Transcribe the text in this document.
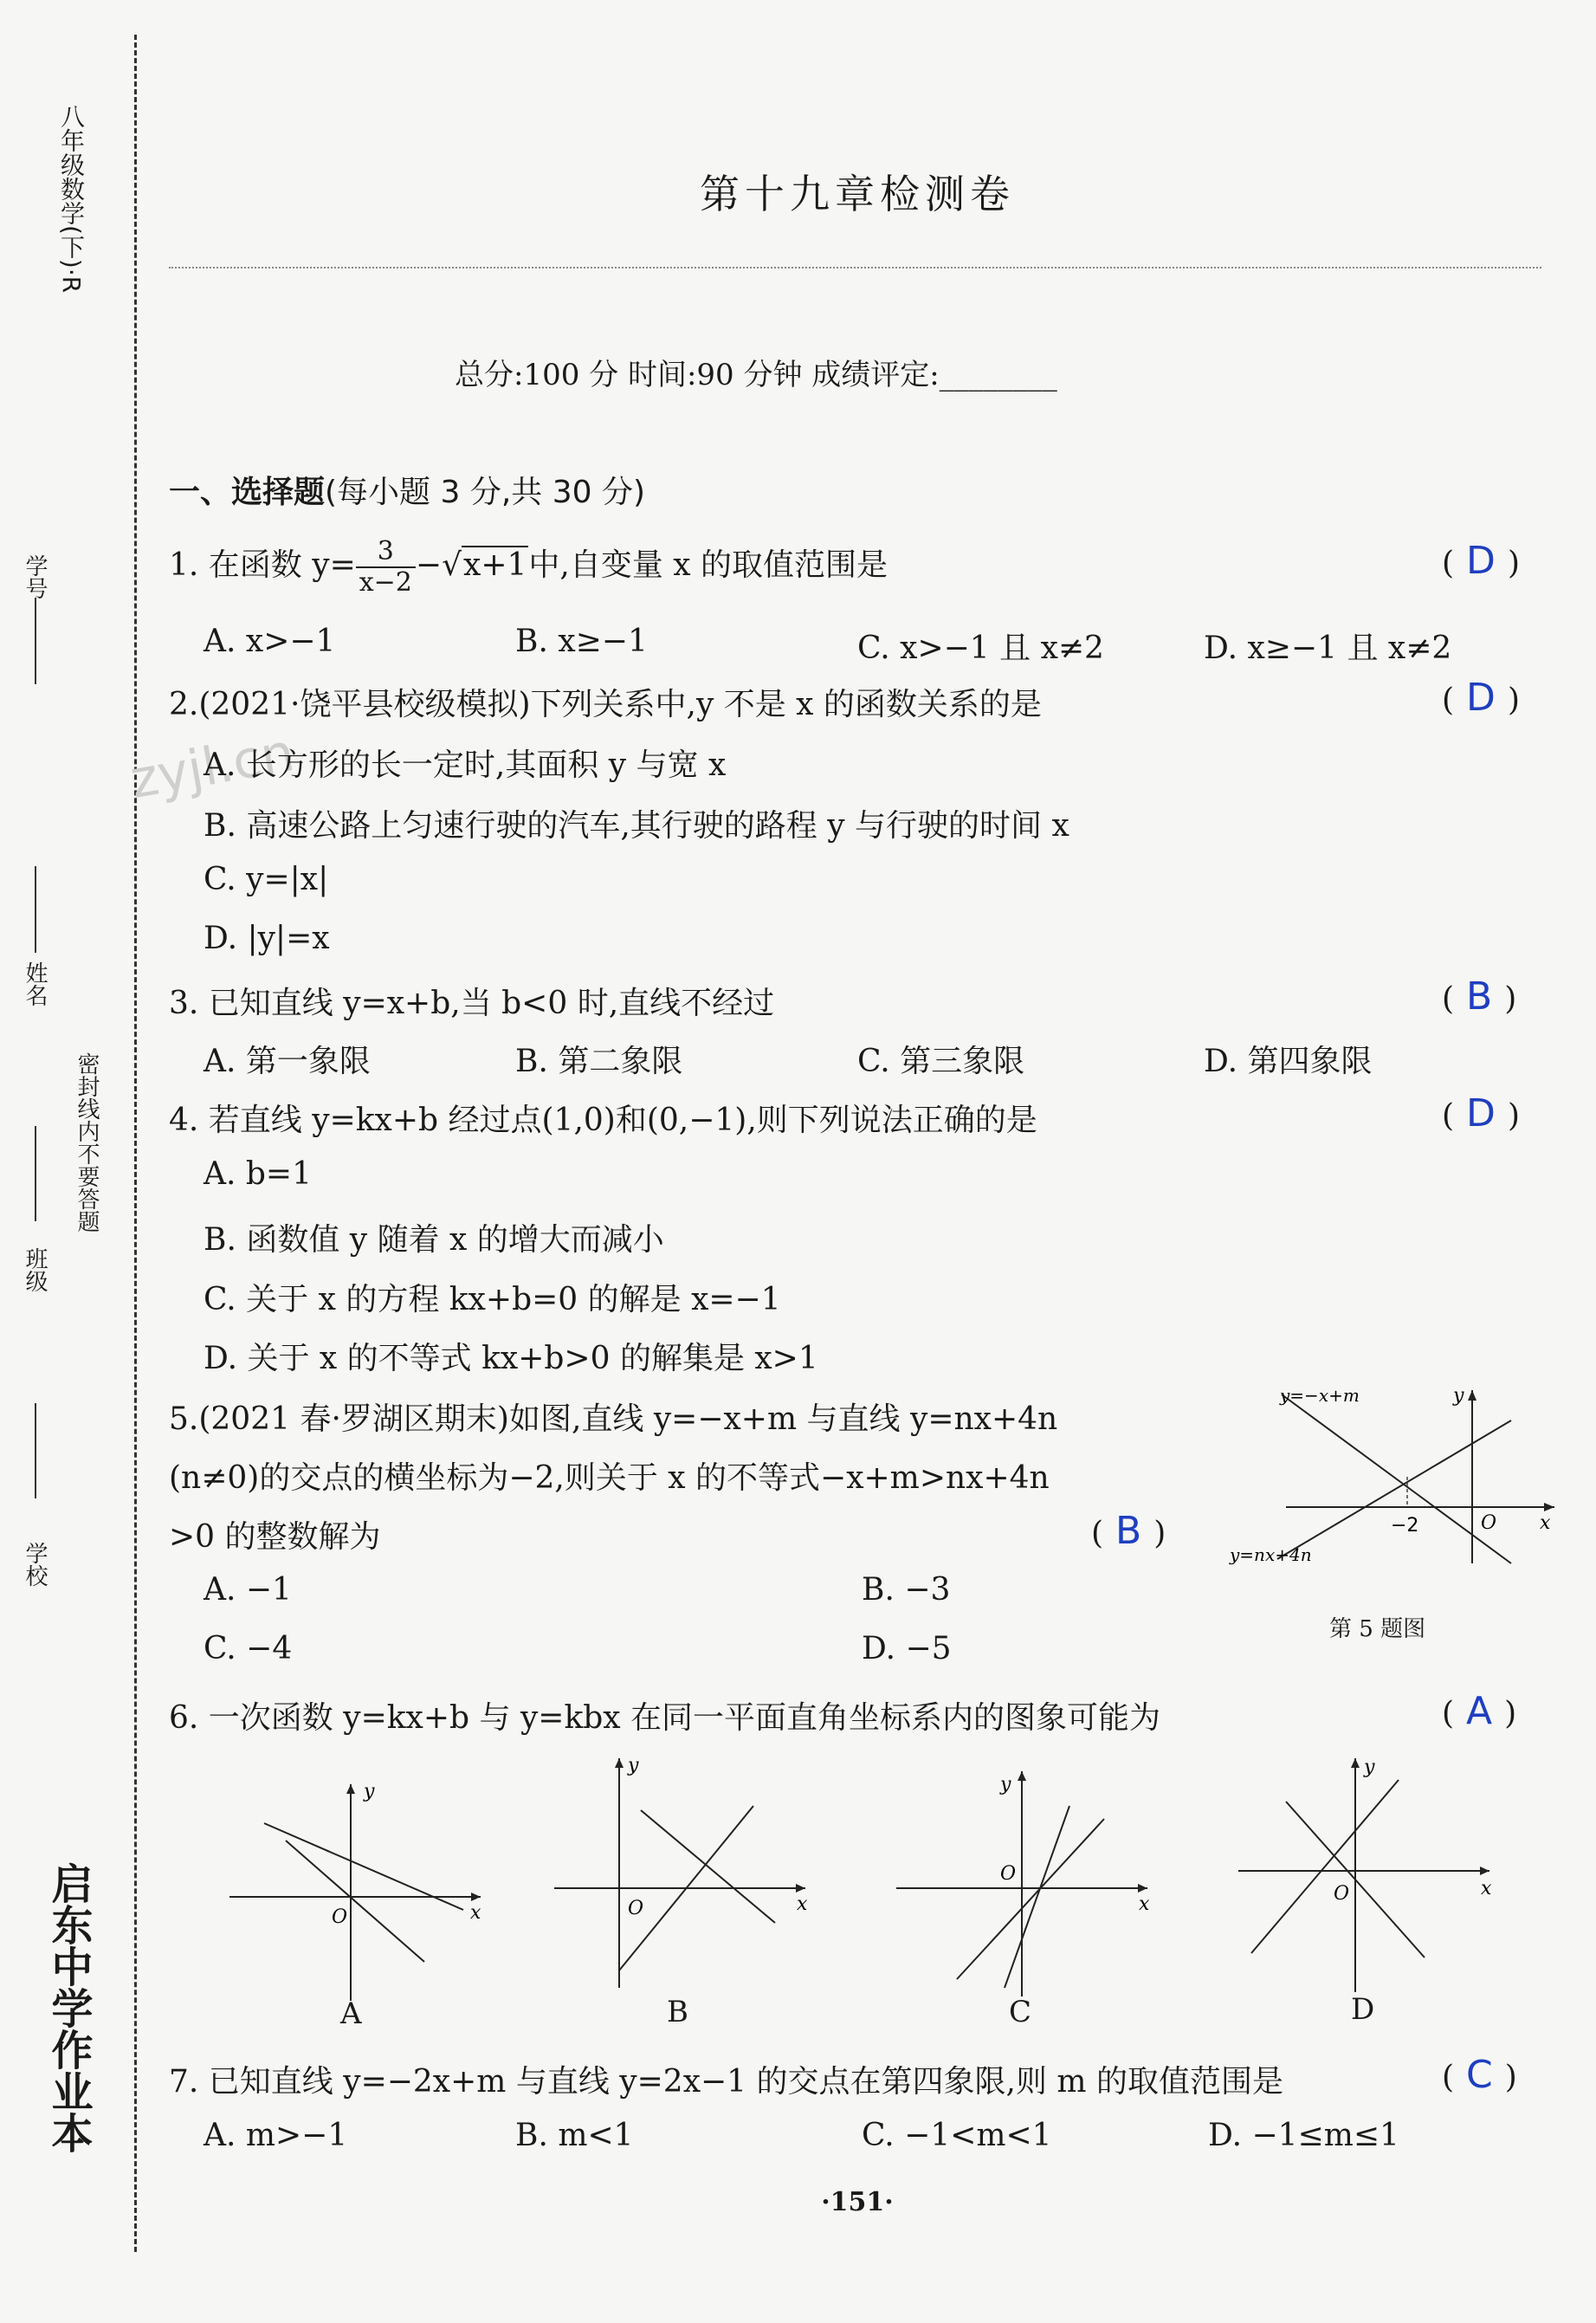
八年级数学(下)·R
学号
姓名
班级
学校
密封线内不要答题
启东中学作业本
第十九章检测卷
总分:100 分 时间:90 分钟 成绩评定:________
zyjl.cn
一、选择题(每小题 3 分,共 30 分)
1. 在函数 $y= \frac{3}{x-2} -√x+1$中,自变量 x 的取值范围是	( D )
A. x>−1	B. x≥−1	C. x>−1 且 x≠2	D. x≥−1 且 x≠2
2.(2021·饶平县校级模拟)下列关系中,y 不是 x 的函数关系的是	( D )
A. 长方形的长一定时,其面积 y 与宽 x
B. 高速公路上匀速行驶的汽车,其行驶的路程 y 与行驶的时间 x
C. y=|x|
D. |y|=x
3. 已知直线 y=x+b,当 b<0 时,直线不经过	( B )
A. 第一象限	B. 第二象限	C. 第三象限	D. 第四象限
4. 若直线 y=kx+b 经过点(1,0)和(0,−1),则下列说法正确的是	( D )
A. b=1
B. 函数值 y 随着 x 的增大而减小
C. 关于 x 的方程 kx+b=0 的解是 x=−1
D. 关于 x 的不等式 kx+b>0 的解集是 x>1
5.(2021 春·罗湖区期末)如图,直线 y=−x+m 与直线 y=nx+4n
(n≠0)的交点的横坐标为−2,则关于 x 的不等式−x+m>nx+4n
>0 的整数解为	( B )
A. −1	B. −3
C. −4	D. −5
y=−x+m
y=nx+4n
y
x
O
−2
第 5 题图
6. 一次函数 y=kx+b 与 y=kbx 在同一平面直角坐标系内的图象可能为	( A )
y
x
O
A
y
x
O
B
y
x
O
C
y
x
O
D
7. 已知直线 y=−2x+m 与直线 y=2x−1 的交点在第四象限,则 m 的取值范围是	( C )
A. m>−1	B. m<1	C. −1<m<1	D. −1≤m≤1
·151·
